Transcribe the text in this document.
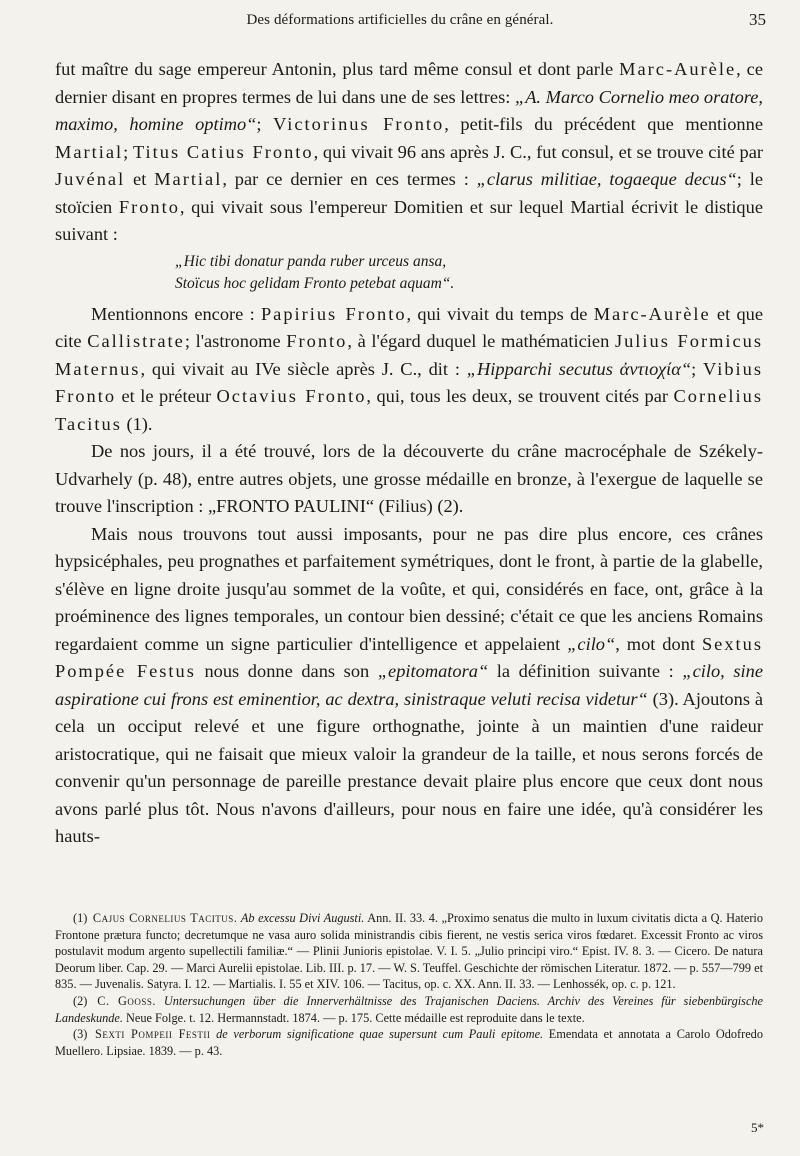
Des déformations artificielles du crâne en général.	35

fut maître du sage empereur Antonin, plus tard même consul et dont parle Marc-Aurèle, ce dernier disant en propres termes de lui dans une de ses lettres: „A. Marco Cornelio meo oratore, maximo, homine optimo“; Victorinus Fronto, petit-fils du précédent que mentionne Martial; Titus Catius Fronto, qui vivait 96 ans après J. C., fut consul, et se trouve cité par Juvénal et Martial, par ce dernier en ces termes : „clarus militiae, togaeque decus“; le stoïcien Fronto, qui vivait sous l'empereur Domitien et sur lequel Martial écrivit le distique suivant :

„Hic tibi donatur panda ruber urceus ansa,
Stoïcus hoc gelidam Fronto petebat aquam“.

Mentionnons encore : Papirius Fronto, qui vivait du temps de Marc-Aurèle et que cite Callistrate; l'astronome Fronto, à l'égard duquel le mathématicien Julius Formicus Maternus, qui vivait au IVe siècle après J. C., dit : „Hipparchi secutus ἀντιοχία“; Vibius Fronto et le préteur Octavius Fronto, qui, tous les deux, se trouvent cités par Cornelius Tacitus (1).

De nos jours, il a été trouvé, lors de la découverte du crâne macrocéphale de Székely-Udvarhely (p. 48), entre autres objets, une grosse médaille en bronze, à l'exergue de laquelle se trouve l'inscription : „FRONTO PAULINI“ (Filius) (2).

Mais nous trouvons tout aussi imposants, pour ne pas dire plus encore, ces crânes hypsicéphales, peu prognathes et parfaitement symétriques, dont le front, à partie de la glabelle, s'élève en ligne droite jusqu'au sommet de la voûte, et qui, considérés en face, ont, grâce à la proéminence des lignes temporales, un contour bien dessiné; c'était ce que les anciens Romains regardaient comme un signe particulier d'intelligence et appelaient „cilo“, mot dont Sextus Pompée Festus nous donne dans son „epitomatora“ la définition suivante : „cilo, sine aspiratione cui frons est eminentior, ac dextra, sinistraque veluti recisa videtur“ (3). Ajoutons à cela un occiput relevé et une figure orthognathe, jointe à un maintien d'une raideur aristocratique, qui ne faisait que mieux valoir la grandeur de la taille, et nous serons forcés de convenir qu'un personnage de pareille prestance devait plaire plus encore que ceux dont nous avons parlé plus tôt. Nous n'avons d'ailleurs, pour nous en faire une idée, qu'à considérer les hauts-

(1) Cajus Cornelius Tacitus. Ab excessu Divi Augusti. Ann. II. 33. 4. „Proximo senatus die multo in luxum civitatis dicta a Q. Haterio Frontone prætura functo; decretumque ne vasa auro solida ministrandis cibis fierent, ne vestis serica viros fœdaret. Excessit Fronto ac viros postulavit modum argento supellectili familiæ.“ — Plinii Junioris epistolae. V. I. 5. „Julio principi viro.“ Epist. IV. 8. 3. — Cicero. De natura Deorum liber. Cap. 29. — Marci Aurelii epistolae. Lib. III. p. 17. — W. S. Teuffel. Geschichte der römischen Literatur. 1872. — p. 557—799 et 835. — Juvenalis. Satyra. I. 12. — Martialis. I. 55 et XIV. 106. — Tacitus, op. c. XX. Ann. II. 33. — Lenhossék, op. c. p. 121.

(2) C. Gooss. Untersuchungen über die Innerverhältnisse des Trajanischen Daciens. Archiv des Vereines für siebenbürgische Landeskunde. Neue Folge. t. 12. Hermannstadt. 1874. — p. 175. Cette médaille est reproduite dans le texte.

(3) Sexti Pompeii Festii de verborum significatione quae supersunt cum Pauli epitome. Emendata et annotata a Carolo Odofredo Muellero. Lipsiae. 1839. — p. 43.

5*
